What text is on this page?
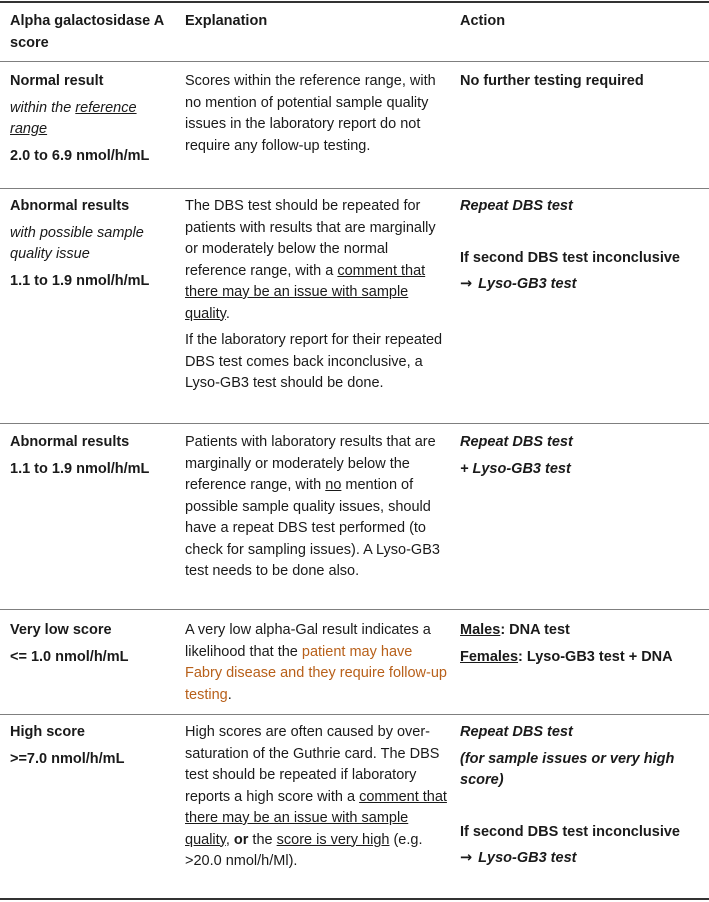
Alpha galactosidase A
score
Explanation	Action
Normal result
within the reference
range
2.0 to 6.9 nmol/h/mL
Scores within the reference range, with no mention of potential sample quality issues in the laboratory report do not require any follow-up testing.
No further testing required
Abnormal results
with possible sample quality issue
1.1 to 1.9 nmol/h/mL

The DBS test should be repeated for patients with results that are marginally or moderately below the normal reference range, with a comment that there may be an issue with sample quality.

If the laboratory report for their repeated DBS test comes back inconclusive, a Lyso-GB3 test should be done.

Repeat DBS test
If second DBS test inconclusive
→ Lyso-GB3 test
Abnormal results
1.1 to 1.9 nmol/h/mL
Patients with laboratory results that are marginally or moderately below the reference range, with no mention of possible sample quality issues, should have a repeat DBS test performed (to check for sampling issues). A Lyso-GB3 test needs to be done also.
Repeat DBS test
+ Lyso-GB3 test
Very low score
<= 1.0 nmol/h/mL
A very low alpha-Gal result indicates a likelihood that the patient may have Fabry disease and they require follow-up testing.
Males: DNA test
Females: Lyso-GB3 test + DNA
High score
>=7.0 nmol/h/mL
High scores are often caused by over-saturation of the Guthrie card. The DBS test should be repeated if laboratory reports a high score with a comment that there may be an issue with sample quality, or the score is very high (e.g. >20.0 nmol/h/Ml).
Repeat DBS test
(for sample issues or very high score)
If second DBS test inconclusive
→ Lyso-GB3 test
